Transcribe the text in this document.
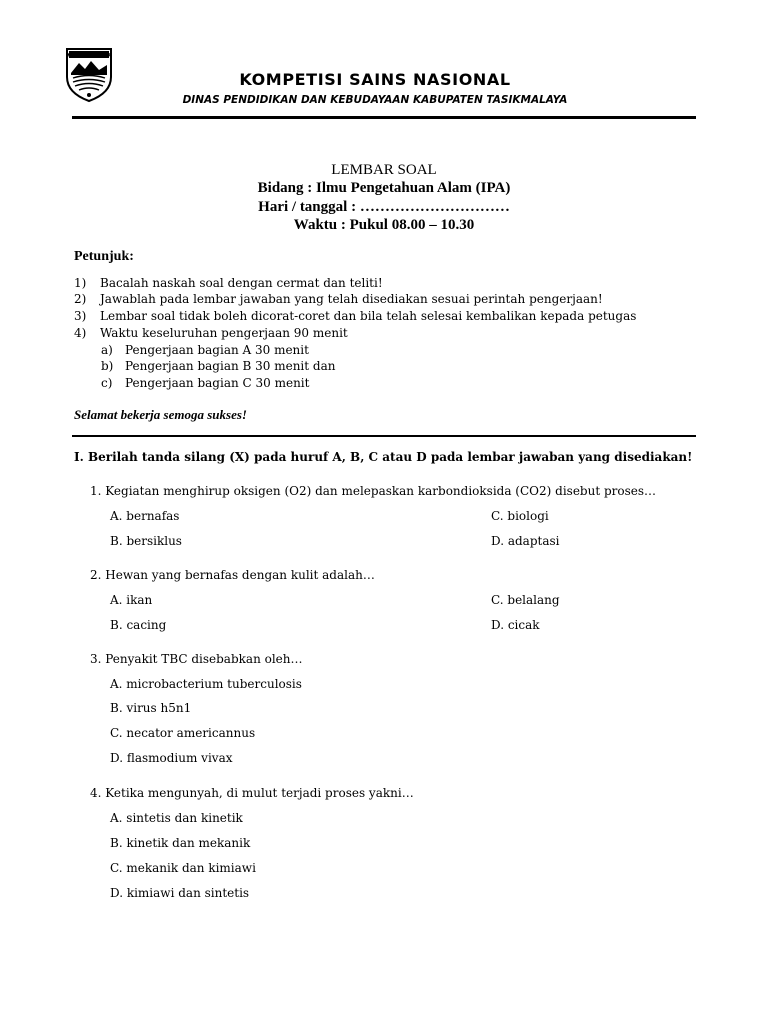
KAB. TASIKMALAYA
KOMPETISI SAINS NASIONAL
DINAS PENDIDIKAN DAN KEBUDAYAAN KABUPATEN TASIKMALAYA
LEMBAR SOAL
Bidang : Ilmu Pengetahuan Alam (IPA)
Hari / tanggal : …………………………
Waktu : Pukul 08.00 – 10.30
Petunjuk:
1) Bacalah naskah soal dengan cermat dan teliti!
2) Jawablah pada lembar jawaban yang telah disediakan sesuai perintah pengerjaan!
3) Lembar soal tidak boleh dicorat-coret dan bila telah selesai kembalikan kepada petugas
4) Waktu keseluruhan pengerjaan 90 menit
a) Pengerjaan bagian A 30 menit
b) Pengerjaan bagian B 30 menit dan
c) Pengerjaan bagian C 30 menit
Selamat bekerja semoga sukses!
I. Berilah tanda silang (X) pada huruf A, B, C atau D pada lembar jawaban yang disediakan!
1. Kegiatan menghirup oksigen (O2) dan melepaskan karbondioksida (CO2) disebut proses…
A. bernafas	C. biologi
B. bersiklus	D. adaptasi
2. Hewan yang bernafas dengan kulit adalah…
A. ikan	C. belalang
B. cacing	D. cicak
3. Penyakit TBC disebabkan oleh…
A. microbacterium tuberculosis
B. virus h5n1
C. necator americannus
D. flasmodium vivax
4. Ketika mengunyah, di mulut terjadi proses yakni…
A. sintetis dan kinetik
B. kinetik dan mekanik
C. mekanik dan kimiawi
D. kimiawi dan sintetis
